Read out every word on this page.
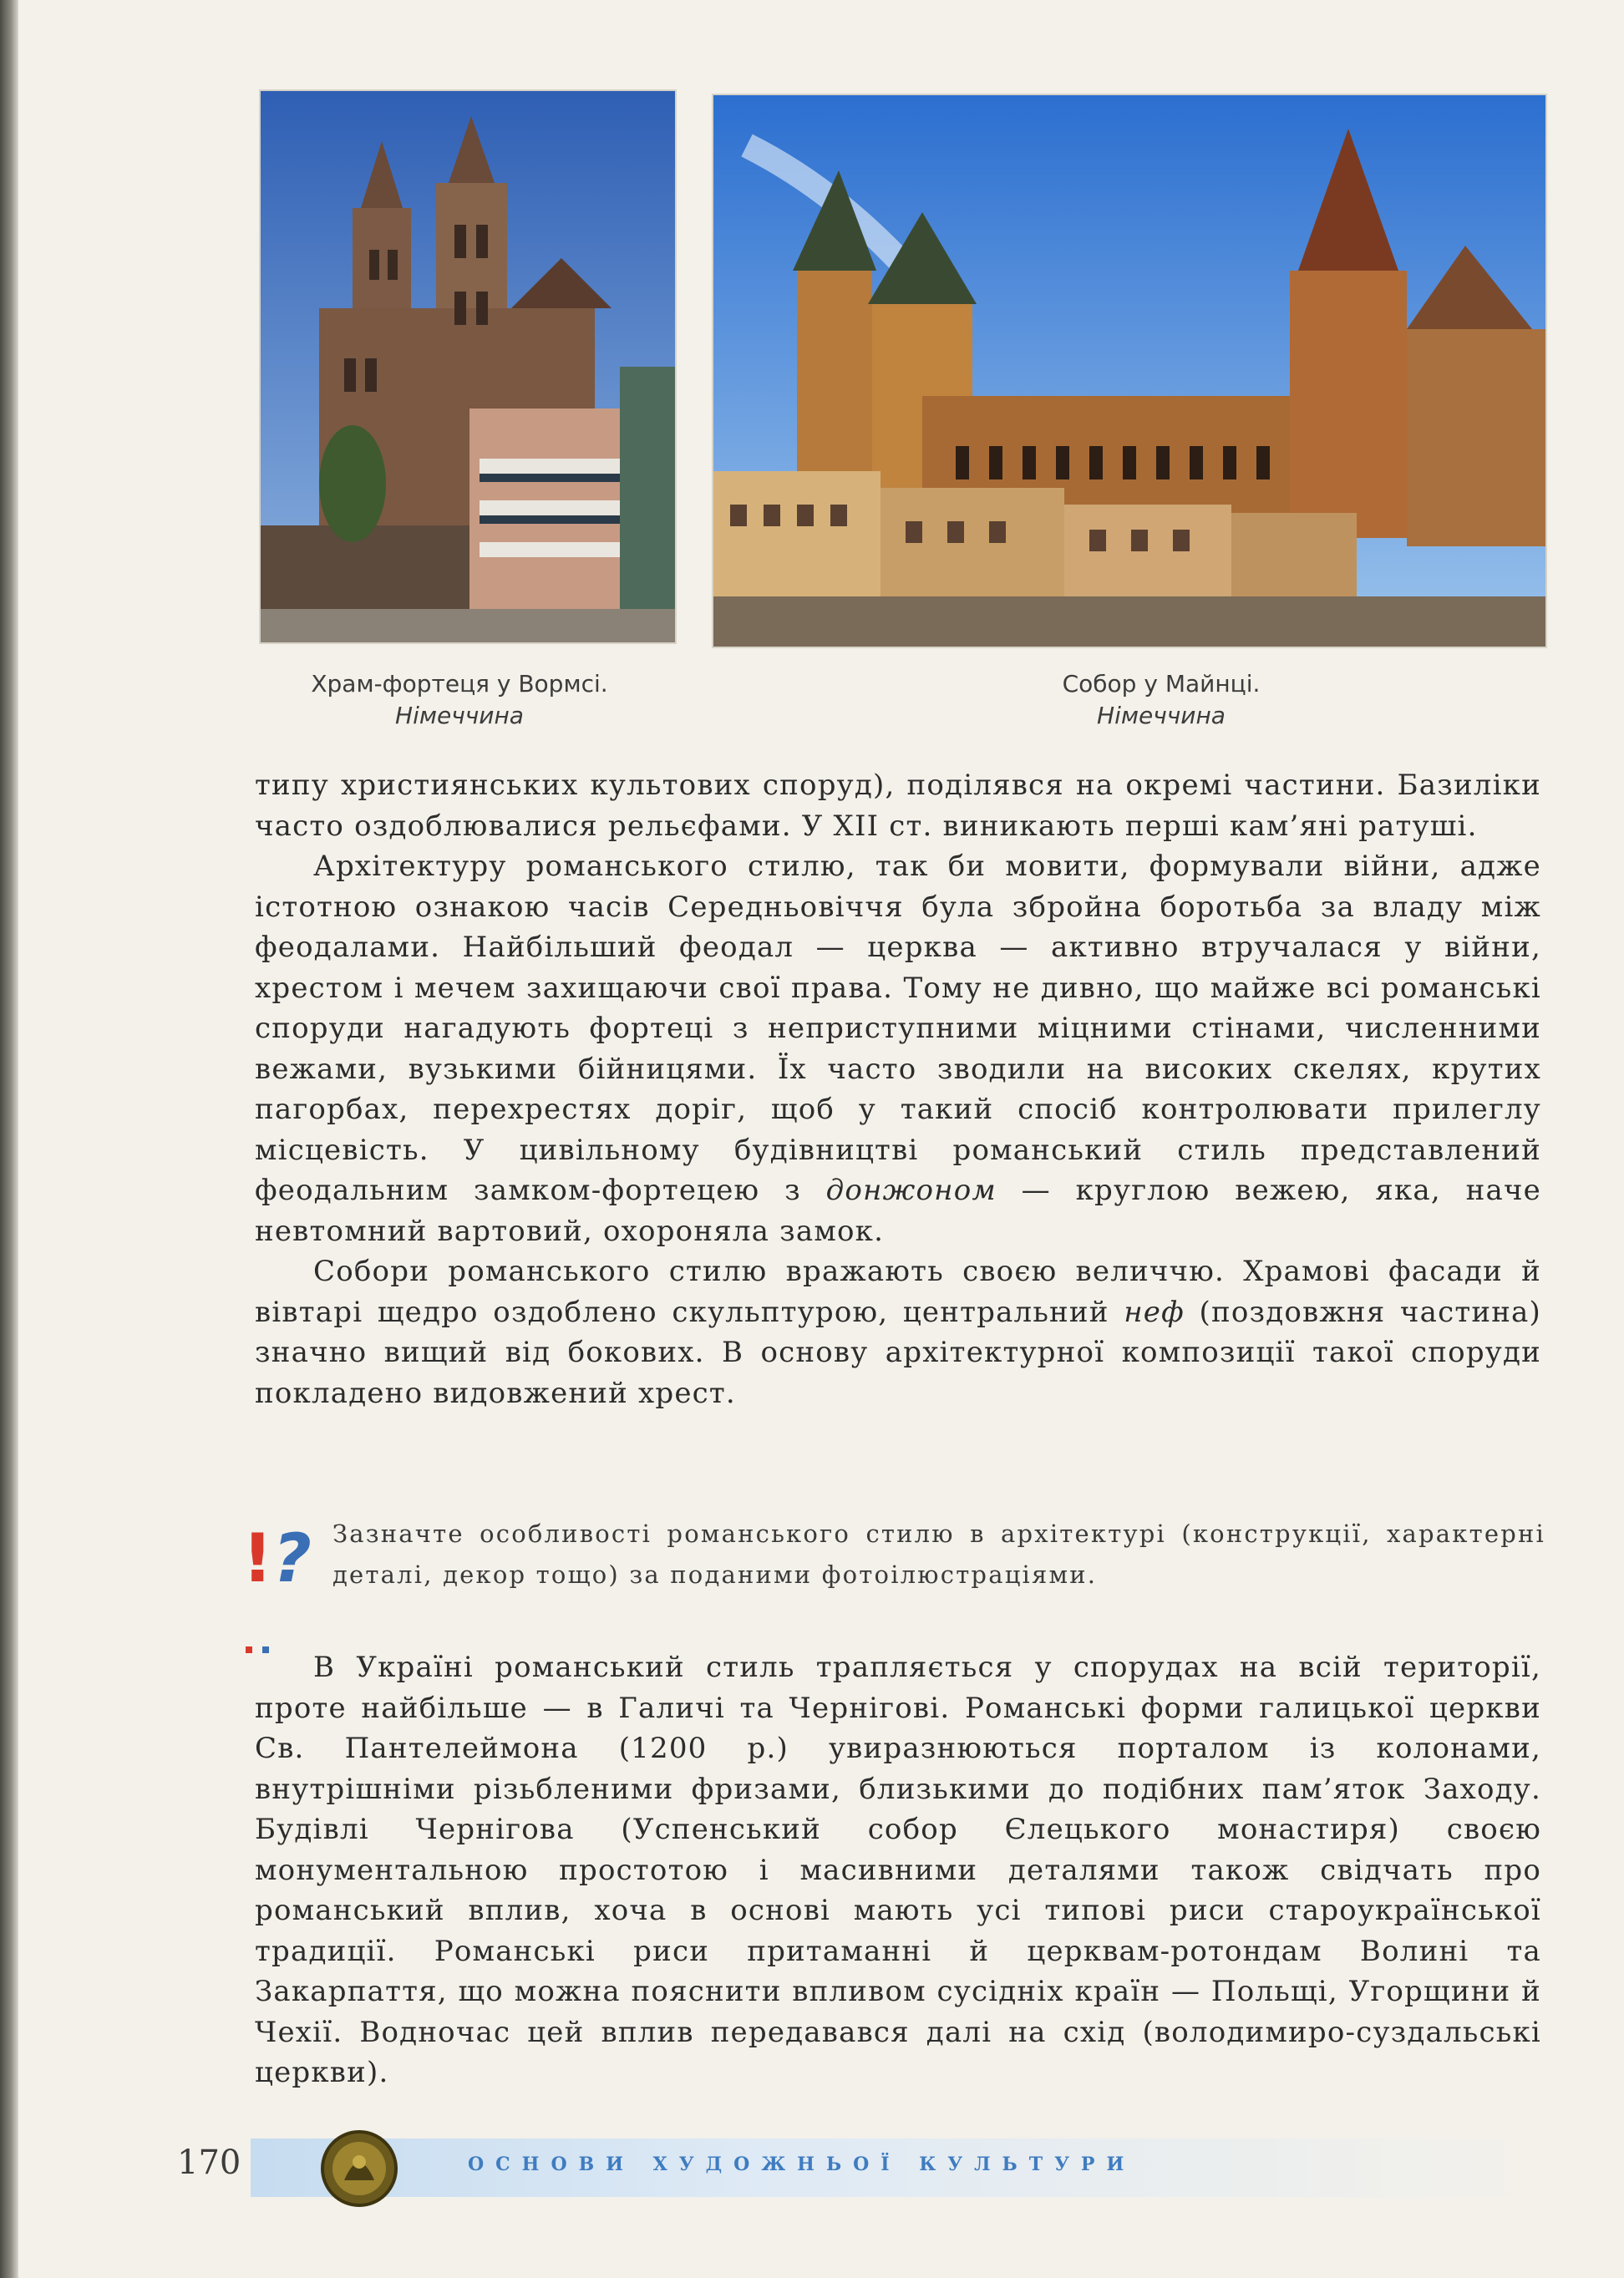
Храм-фортеця у Вормсі.
Німеччина
Собор у Майнці.
Німеччина

типу християнських культових споруд), поділявся на окремі частини. Базиліки часто оздоблювалися рельєфами. У XII ст. виникають перші кам’яні ратуші.

Архітектуру романського стилю, так би мовити, формували війни, адже істотною ознакою часів Середньовіччя була збройна боротьба за владу між феодалами. Найбільший феодал — церква — активно втручалася у війни, хрестом і мечем захищаючи свої права. Тому не дивно, що майже всі романські споруди нагадують фортеці з неприступними міцними стінами, численними вежами, вузькими бійницями. Їх часто зводили на високих скелях, крутих пагорбах, перехрестях доріг, щоб у такий спосіб контролювати прилеглу місцевість. У цивільному будівництві романський стиль представлений феодальним замком-фортецею з донжоном — круглою вежею, яка, наче невтомний вартовий, охороняла замок.

Собори романського стилю вражають своєю величчю. Храмові фасади й вівтарі щедро оздоблено скульптурою, центральний неф (поздовжня частина) значно вищий від бокових. В основу архітектурної композиції такої споруди покладено видовжений хрест.

!? Зазначте особливості романського стилю в архітектурі (конструкції, характерні деталі, декор тощо) за поданими фотоілюстраціями.

В Україні романський стиль трапляється у спорудах на всій території, проте найбільше — в Галичі та Чернігові. Романські форми галицької церкви Св. Пантелеймона (1200 р.) увиразнюються порталом із колонами, внутрішніми різьбленими фризами, близькими до подібних пам’яток Заходу. Будівлі Чернігова (Успенський собор Єлецького монастиря) своєю монументальною простотою і масивними деталями також свідчать про романський вплив, хоча в основі мають усі типові риси староукраїнської традиції. Романські риси притаманні й церквам-ротондам Волині та Закарпаття, що можна пояснити впливом сусідніх країн — Польщі, Угорщини й Чехії. Водночас цей вплив передавався далі на схід (володимиро-суздальські церкви).

170	ОСНОВИ ХУДОЖНЬОЇ КУЛЬТУРИ
